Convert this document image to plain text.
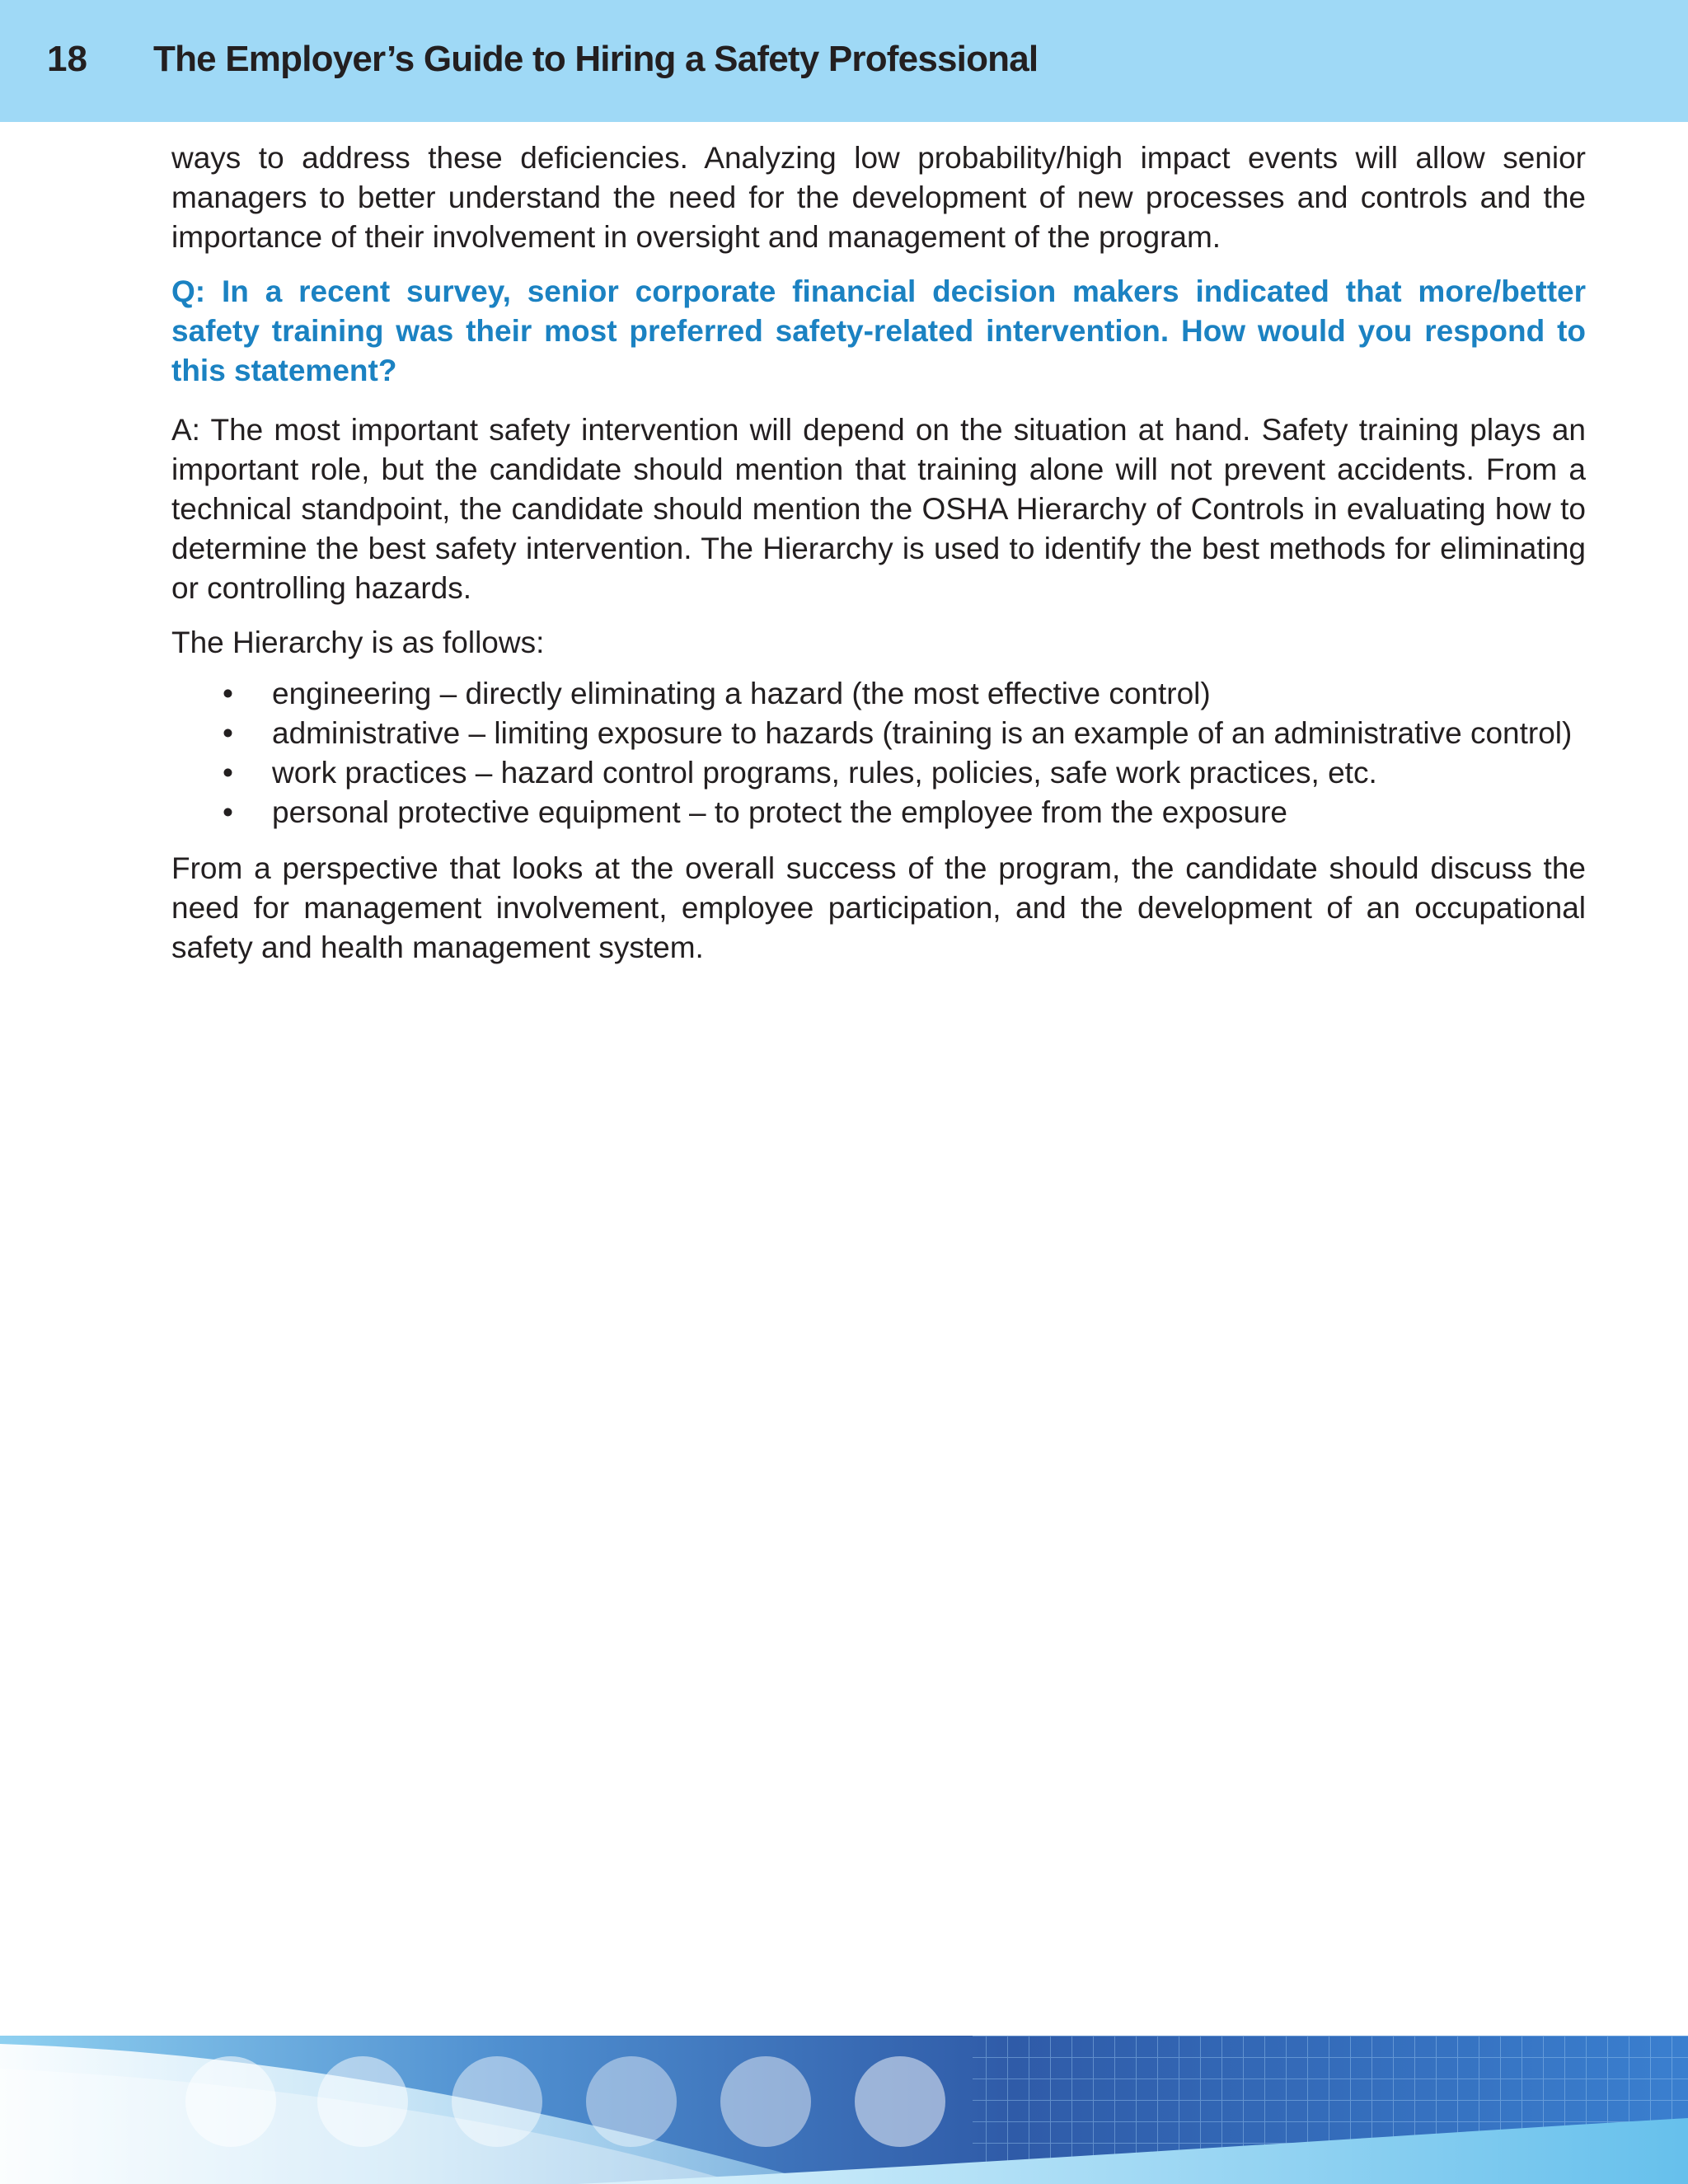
18 The Employer’s Guide to Hiring a Safety Professional

ways to address these deficiencies. Analyzing low probability/high impact events will allow senior managers to better understand the need for the development of new processes and controls and the importance of their involvement in oversight and management of the program.

Q: In a recent survey, senior corporate financial decision makers indicated that more/better safety training was their most preferred safety-related intervention. How would you respond to this statement?

A: The most important safety intervention will depend on the situation at hand. Safety training plays an important role, but the candidate should mention that training alone will not prevent accidents. From a technical standpoint, the candidate should mention the OSHA Hierarchy of Controls in evaluating how to determine the best safety intervention. The Hierarchy is used to identify the best methods for eliminating or controlling hazards.

The Hierarchy is as follows:

• engineering – directly eliminating a hazard (the most effective control)
• administrative – limiting exposure to hazards (training is an example of an administrative control)
• work practices – hazard control programs, rules, policies, safe work practices, etc.
• personal protective equipment – to protect the employee from the exposure

From a perspective that looks at the overall success of the program, the candidate should discuss the need for management involvement, employee participation, and the development of an occupational safety and health management system.
